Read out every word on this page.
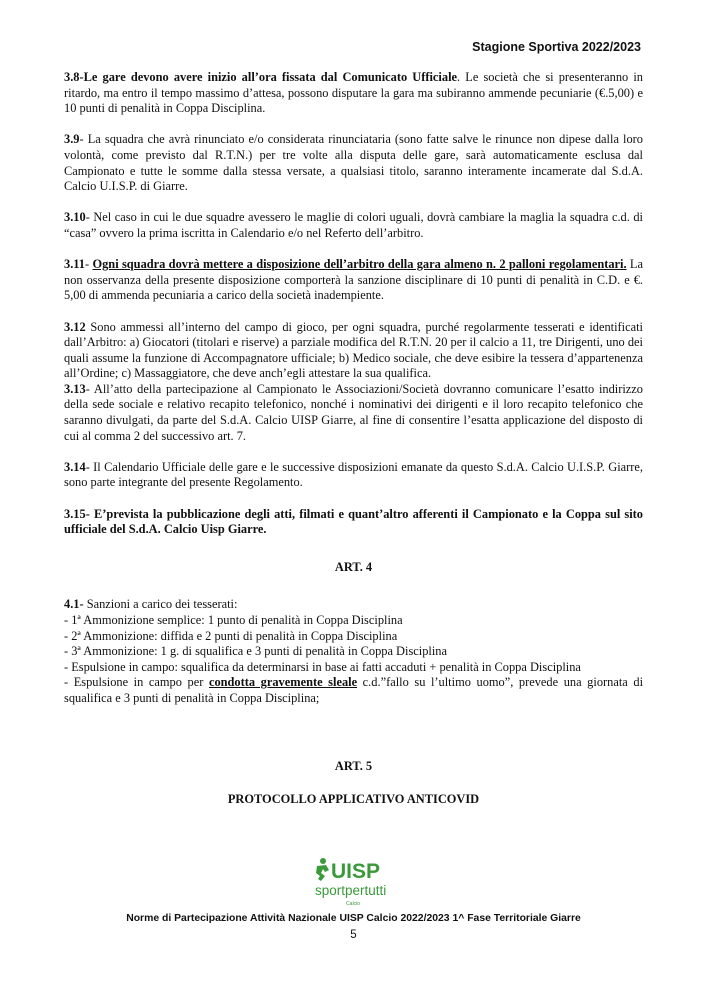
Stagione Sportiva 2022/2023

3.8-Le gare devono avere inizio all’ora fissata dal Comunicato Ufficiale. Le società che si presenteranno in ritardo, ma entro il tempo massimo d’attesa, possono disputare la gara ma subiranno ammende pecuniarie (€.5,00) e 10 punti di penalità in Coppa Disciplina.

3.9- La squadra che avrà rinunciato e/o considerata rinunciataria (sono fatte salve le rinunce non dipese dalla loro volontà, come previsto dal R.T.N.) per tre volte alla disputa delle gare, sarà automaticamente esclusa dal Campionato e tutte le somme dalla stessa versate, a qualsiasi titolo, saranno interamente incamerate dal S.d.A. Calcio U.I.S.P. di Giarre.

3.10- Nel caso in cui le due squadre avessero le maglie di colori uguali, dovrà cambiare la maglia la squadra c.d. di “casa” ovvero la prima iscritta in Calendario e/o nel Referto dell’arbitro.

3.11- Ogni squadra dovrà mettere a disposizione dell’arbitro della gara almeno n. 2 palloni regolamentari. La non osservanza della presente disposizione comporterà la sanzione disciplinare di 10 punti di penalità in C.D. e €. 5,00 di ammenda pecuniaria a carico della società inadempiente.

3.12 Sono ammessi all’interno del campo di gioco, per ogni squadra, purché regolarmente tesserati e identificati dall’Arbitro: a) Giocatori (titolari e riserve) a parziale modifica del R.T.N. 20 per il calcio a 11, tre Dirigenti, uno dei quali assume la funzione di Accompagnatore ufficiale; b) Medico sociale, che deve esibire la tessera d’appartenenza all’Ordine; c) Massaggiatore, che deve anch’egli attestare la sua qualifica.

3.13- All’atto della partecipazione al Campionato le Associazioni/Società dovranno comunicare l’esatto indirizzo della sede sociale e relativo recapito telefonico, nonché i nominativi dei dirigenti e il loro recapito telefonico che saranno divulgati, da parte del S.d.A. Calcio UISP Giarre, al fine di consentire l’esatta applicazione del disposto di cui al comma 2 del successivo art. 7.

3.14- Il Calendario Ufficiale delle gare e le successive disposizioni emanate da questo S.d.A. Calcio U.I.S.P. Giarre, sono parte integrante del presente Regolamento.

3.15- E’prevista la pubblicazione degli atti, filmati e quant’altro afferenti il Campionato e la Coppa sul sito ufficiale del S.d.A. Calcio Uisp Giarre.

ART. 4

4.1- Sanzioni a carico dei tesserati:

- 1ª Ammonizione semplice: 1 punto di penalità in Coppa Disciplina

- 2ª Ammonizione: diffida e 2 punti di penalità in Coppa Disciplina

- 3ª Ammonizione: 1 g. di squalifica e 3 punti di penalità in Coppa Disciplina

- Espulsione in campo: squalifica da determinarsi in base ai fatti accaduti + penalità in Coppa Disciplina

- Espulsione in campo per condotta gravemente sleale c.d.”fallo su l’ultimo uomo”, prevede una giornata di squalifica e 3 punti di penalità in Coppa Disciplina;

ART. 5

PROTOCOLLO APPLICATIVO ANTICOVID

UISP
sportpertutti
Calcio
Norme di Partecipazione Attività Nazionale UISP Calcio 2022/2023 1^ Fase Territoriale Giarre
5
